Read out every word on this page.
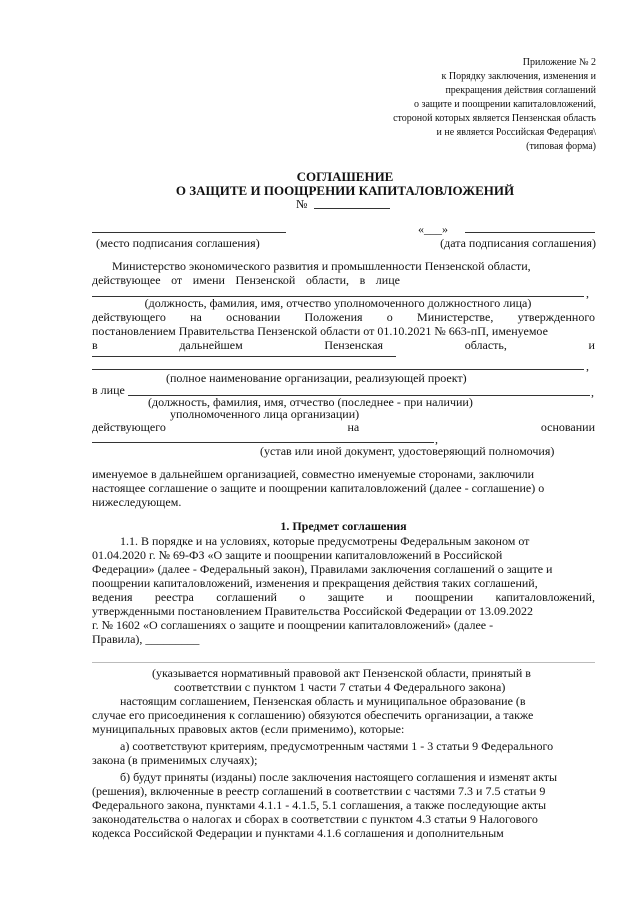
Приложение № 2
к Порядку заключения, изменения и
прекращения действия соглашений
о защите и поощрении капиталовложений,
стороной которых является Пензенская область
и не является Российская Федерация\
(типовая форма)
СОГЛАШЕНИЕ
О ЗАЩИТЕ И ПООЩРЕНИИ КАПИТАЛОВЛОЖЕНИЙ
№
«___»
(место подписания соглашения)	(дата подписания соглашения)
Министерство экономического развития и промышленности Пензенской области,
действующее от имени Пензенской области, в лице
,
(должность, фамилия, имя, отчество уполномоченного должностного лица)
действующего на основании Положения о Министерстве, утвержденного
постановлением Правительства Пензенской области от 01.10.2021 № 663-пП, именуемое
в	дальнейшем	Пензенская	область,	и
,
(полное наименование организации, реализующей проект)
в лице	,
(должность, фамилия, имя, отчество (последнее - при наличии)
уполномоченного лица организации)
действующего	на	основании
,
(устав или иной документ, удостоверяющий полномочия)
именуемое в дальнейшем организацией, совместно именуемые сторонами, заключили
настоящее соглашение о защите и поощрении капиталовложений (далее - соглашение) о
нижеследующем.
1. Предмет соглашения
1.1. В порядке и на условиях, которые предусмотрены Федеральным законом от
01.04.2020 г. № 69-ФЗ «О защите и поощрении капиталовложений в Российской
Федерации» (далее - Федеральный закон), Правилами заключения соглашений о защите и
поощрении капиталовложений, изменения и прекращения действия таких соглашений,
ведения реестра соглашений о защите и поощрении капиталовложений,
утвержденными постановлением Правительства Российской Федерации от 13.09.2022
г. № 1602 «О соглашениях о защите и поощрении капиталовложений» (далее -
Правила), _________
(указывается нормативный правовой акт Пензенской области, принятый в
соответствии с пунктом 1 части 7 статьи 4 Федерального закона)
настоящим соглашением, Пензенская область и муниципальное образование (в
случае его присоединения к соглашению) обязуются обеспечить организации, а также
муниципальных правовых актов (если применимо), которые:
а) соответствуют критериям, предусмотренным частями 1 - 3 статьи 9 Федерального
закона (в применимых случаях);
б) будут приняты (изданы) после заключения настоящего соглашения и изменят акты
(решения), включенные в реестр соглашений в соответствии с частями 7.3 и 7.5 статьи 9
Федерального закона, пунктами 4.1.1 - 4.1.5, 5.1 соглашения, а также последующие акты
законодательства о налогах и сборах в соответствии с пунктом 4.3 статьи 9 Налогового
кодекса Российской Федерации и пунктами 4.1.6 соглашения и дополнительным
